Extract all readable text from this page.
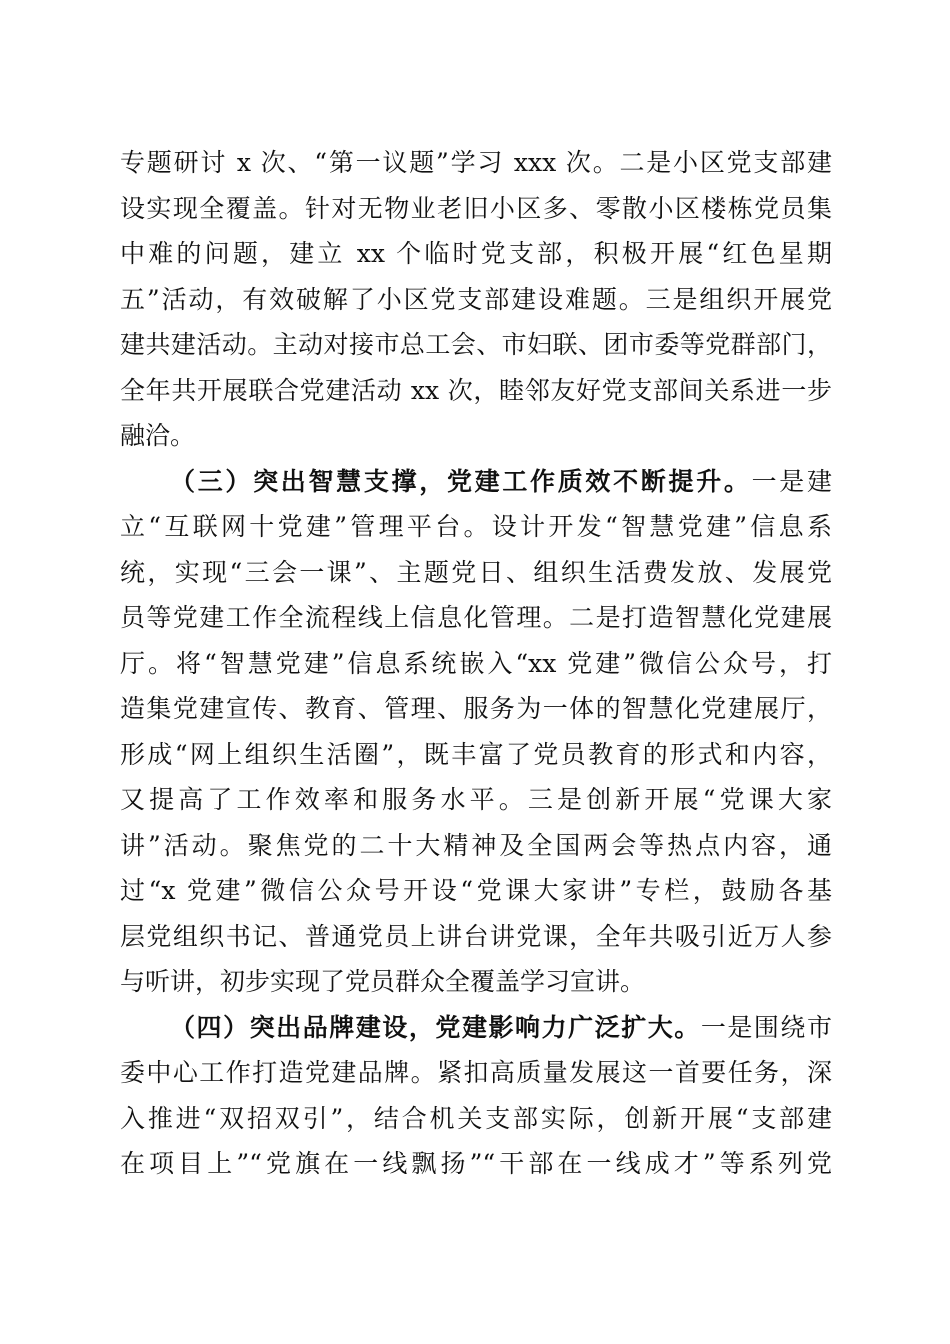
专题研讨 x 次、“第一议题”学习 xxx 次。二是小区党支部建
设实现全覆盖。针对无物业老旧小区多、零散小区楼栋党员集
中难的问题，建立 xx 个临时党支部，积极开展“红色星期
五”活动，有效破解了小区党支部建设难题。三是组织开展党
建共建活动。主动对接市总工会、市妇联、团市委等党群部门，
全年共开展联合党建活动 xx 次，睦邻友好党支部间关系进一步
融洽。
（三）突出智慧支撑，党建工作质效不断提升。一是建
立“互联网十党建”管理平台。设计开发“智慧党建”信息系
统，实现“三会一课”、主题党日、组织生活费发放、发展党
员等党建工作全流程线上信息化管理。二是打造智慧化党建展
厅。将“智慧党建”信息系统嵌入“xx 党建”微信公众号，打
造集党建宣传、教育、管理、服务为一体的智慧化党建展厅，
形成“网上组织生活圈”，既丰富了党员教育的形式和内容，
又提高了工作效率和服务水平。三是创新开展“党课大家
讲”活动。聚焦党的二十大精神及全国两会等热点内容，通
过“x 党建”微信公众号开设“党课大家讲”专栏，鼓励各基
层党组织书记、普通党员上讲台讲党课，全年共吸引近万人参
与听讲，初步实现了党员群众全覆盖学习宣讲。
（四）突出品牌建设，党建影响力广泛扩大。一是围绕市
委中心工作打造党建品牌。紧扣高质量发展这一首要任务，深
入推进“双招双引”，结合机关支部实际，创新开展“支部建
在项目上”“党旗在一线飘扬”“干部在一线成才”等系列党
